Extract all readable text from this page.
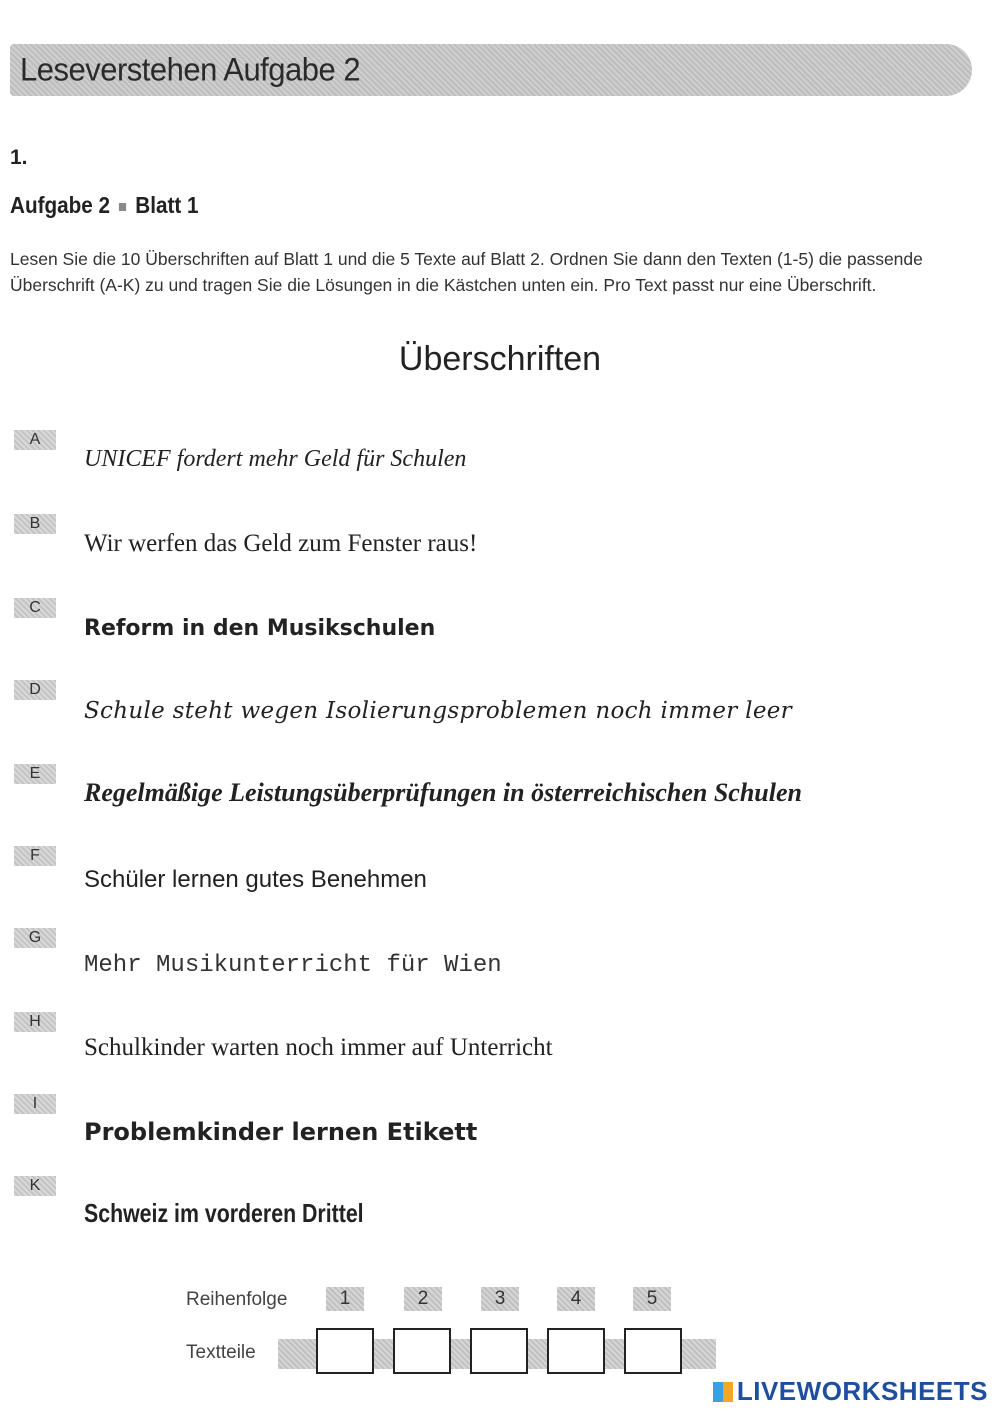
Leseverstehen Aufgabe 2
1.
Aufgabe 2 Blatt 1
Lesen Sie die 10 Überschriften auf Blatt 1 und die 5 Texte auf Blatt 2. Ordnen Sie dann den Texten (1-5) die passende Überschrift (A-K) zu und tragen Sie die Lösungen in die Kästchen unten ein. Pro Text passt nur eine Überschrift.
Überschriften
A
UNICEF fordert mehr Geld für Schulen
B
Wir werfen das Geld zum Fenster raus!
C
Reform in den Musikschulen
D
Schule steht wegen Isolierungsproblemen noch immer leer
E
Regelmäßige Leistungsüberprüfungen in österreichischen Schulen
F
Schüler lernen gutes Benehmen
G
Mehr Musikunterricht für Wien
H
Schulkinder warten noch immer auf Unterricht
I
Problemkinder lernen Etikett
K
Schweiz im vorderen Drittel
Reihenfolge	1	2	3	4	5
Textteile
LIVEWORKSHEETS
